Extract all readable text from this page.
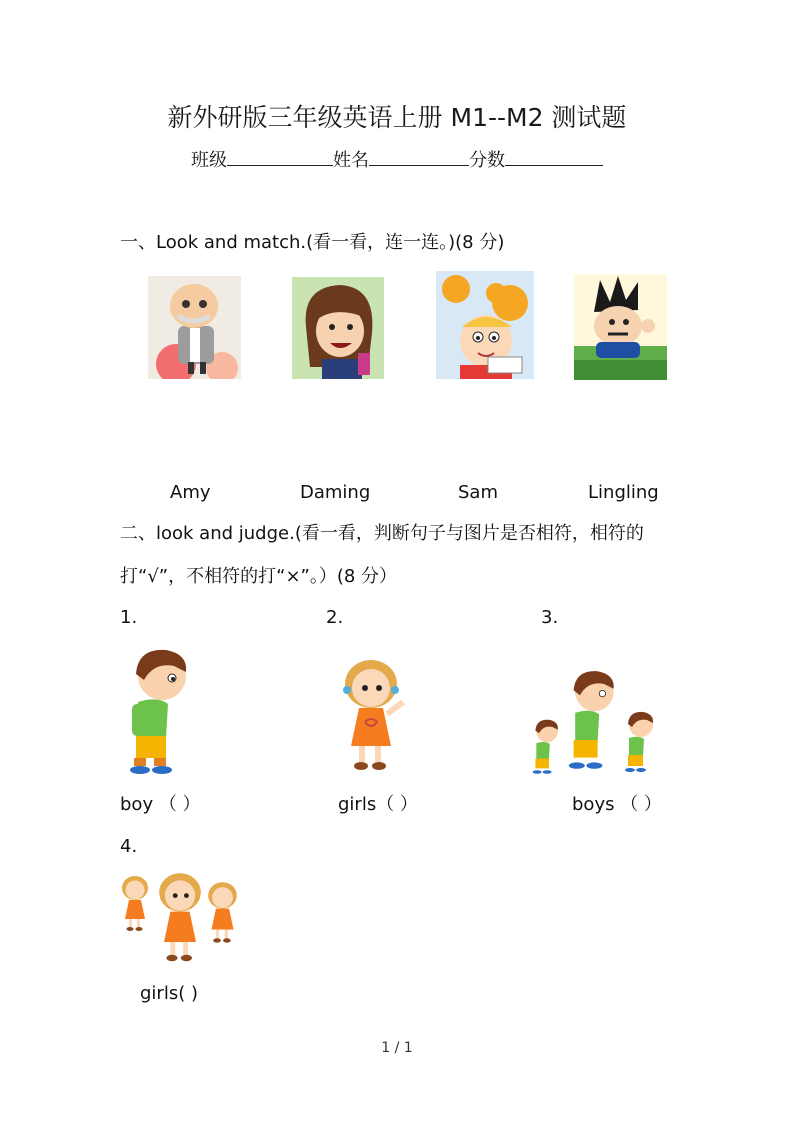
新外研版三年级英语上册 M1--M2 测试题
班级	姓名	分数
一、Look and match.(看一看，连一连。)(8 分)
Amy	Daming	Sam	Lingling
二、look and judge.(看一看，判断句子与图片是否相符，相符的
打“√”，不相符的打“×”。）(8 分）
1.	2.	3.
boy （ ）	girls（ ）	boys （ ）
4.
girls( )
1 / 1
